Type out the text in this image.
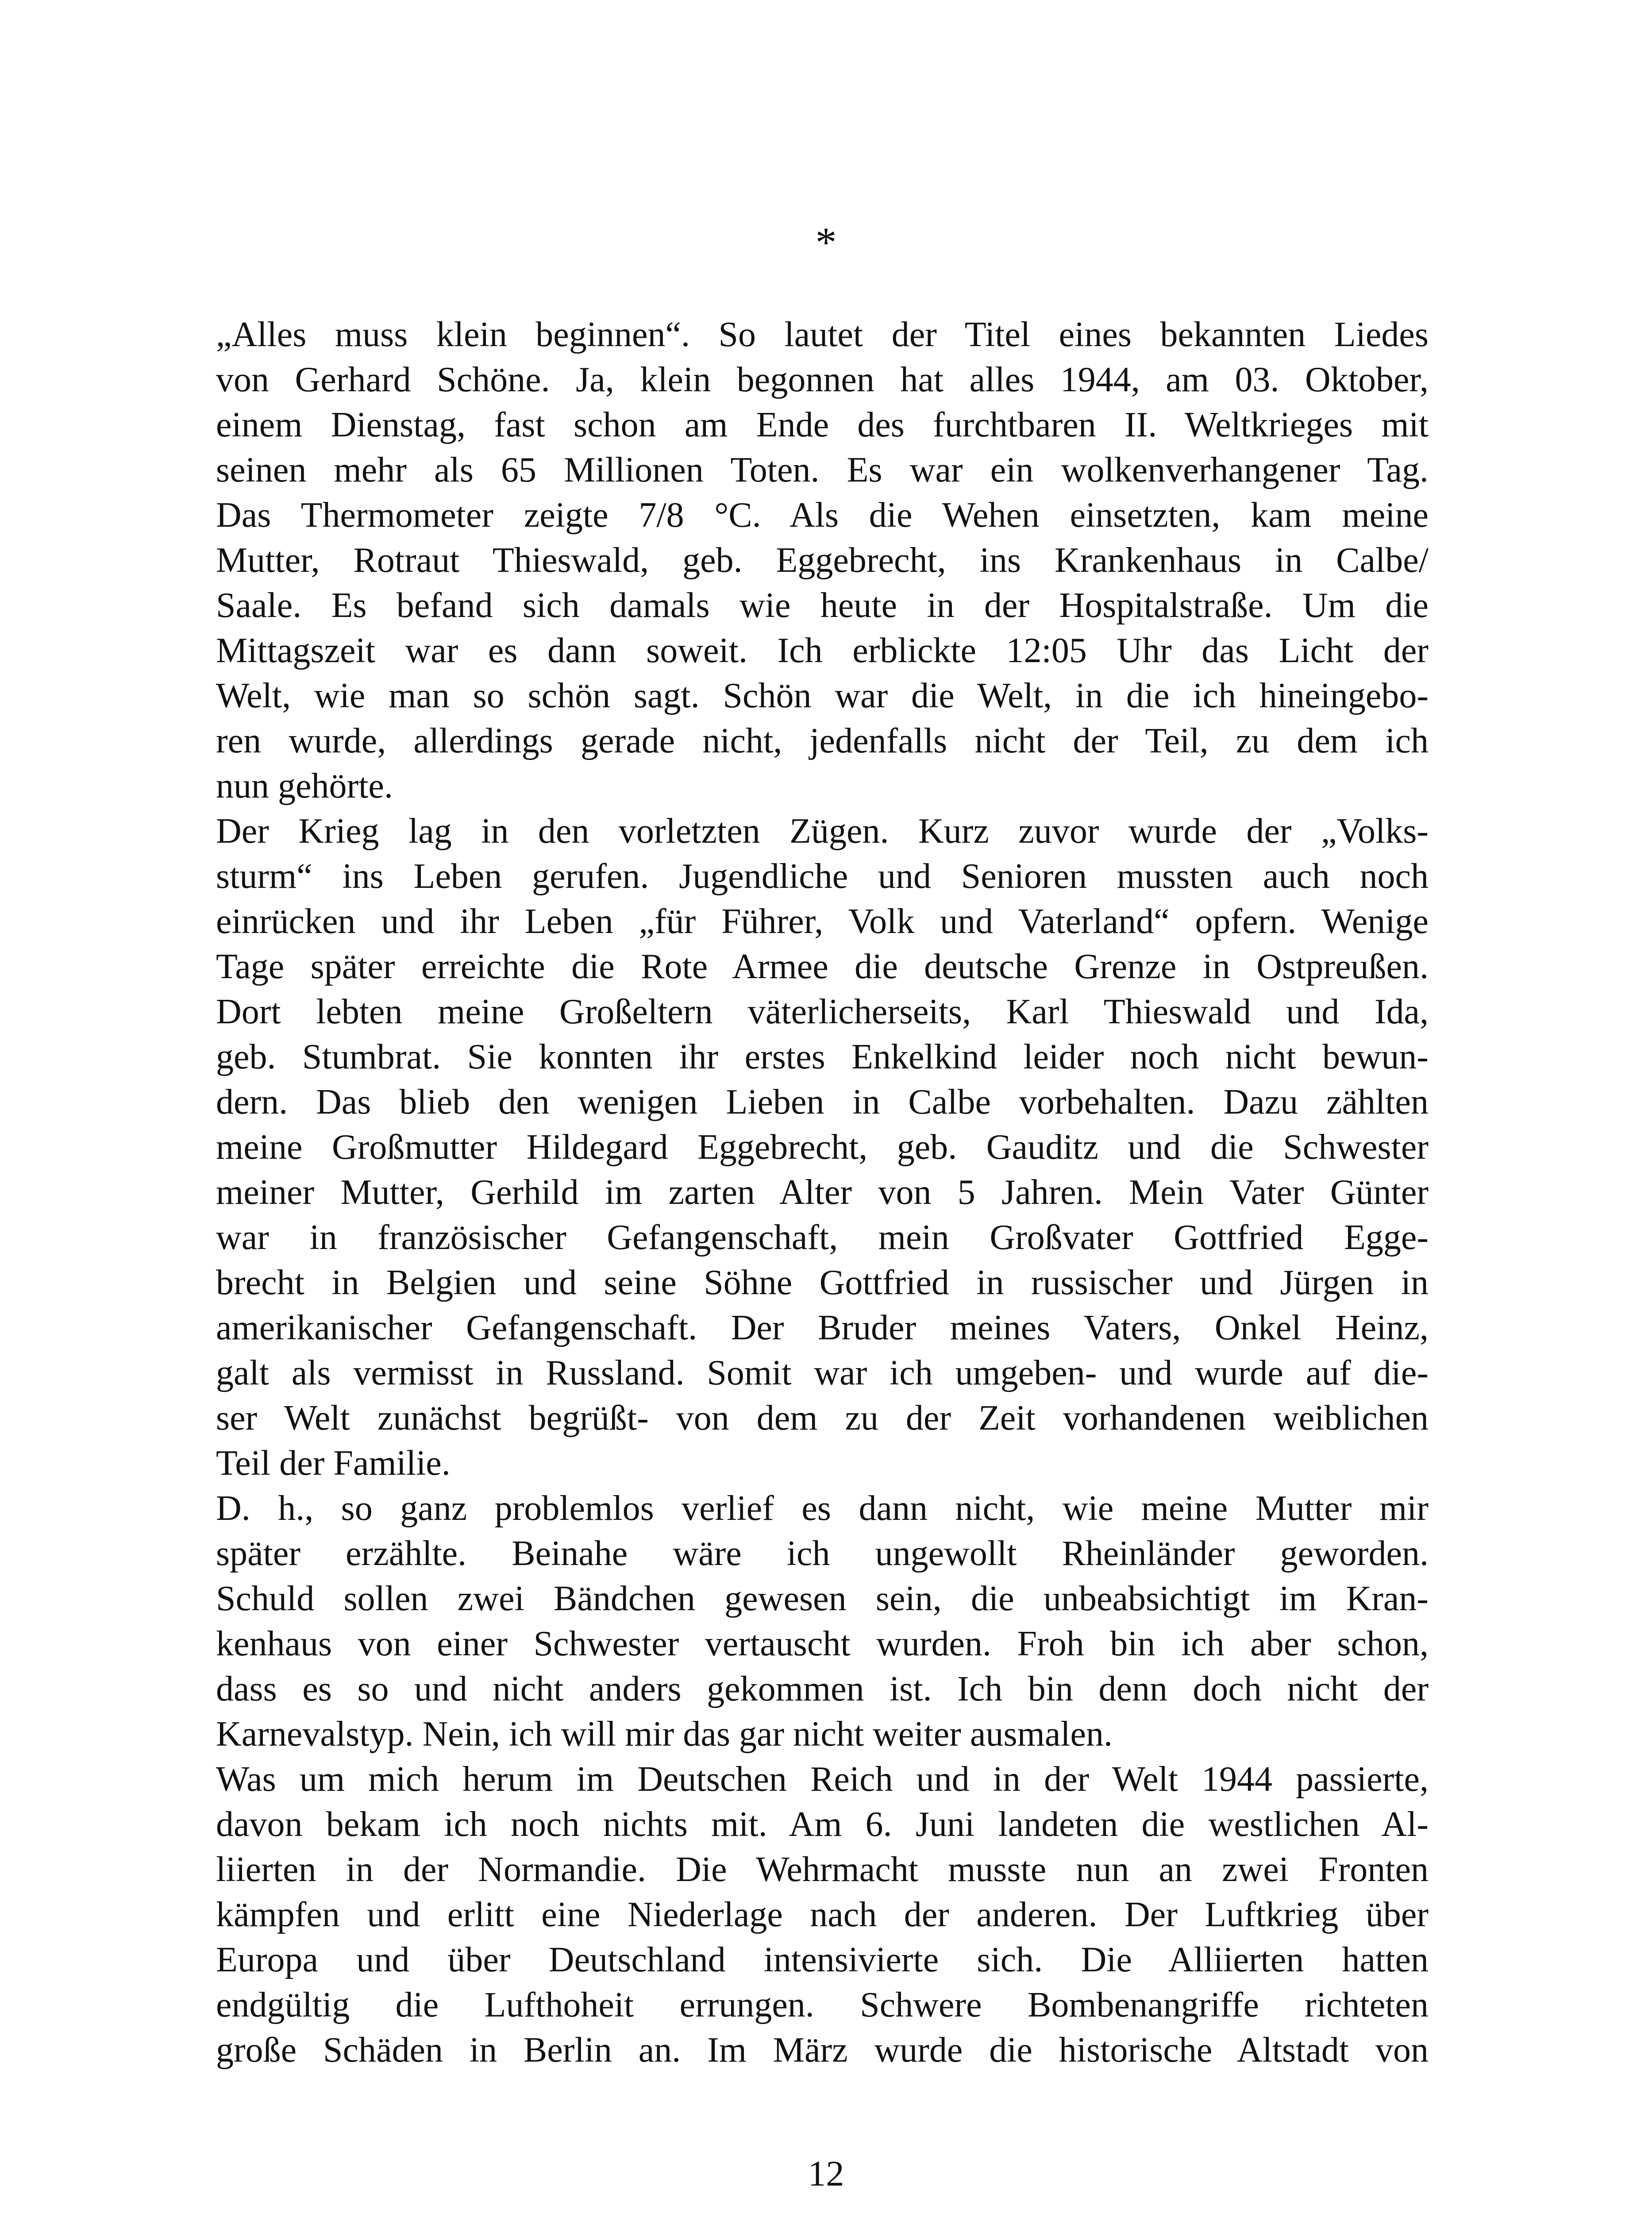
*
„Alles muss klein beginnen“. So lautet der Titel eines bekannten Liedes
von Gerhard Schöne. Ja, klein begonnen hat alles 1944, am 03. Oktober,
einem Dienstag, fast schon am Ende des furchtbaren II. Weltkrieges mit
seinen mehr als 65 Millionen Toten. Es war ein wolkenverhangener Tag.
Das Thermometer zeigte 7/8 °C. Als die Wehen einsetzten, kam meine
Mutter, Rotraut Thieswald, geb. Eggebrecht, ins Krankenhaus in Calbe/
Saale. Es befand sich damals wie heute in der Hospitalstraße. Um die
Mittagszeit war es dann soweit. Ich erblickte 12:05 Uhr das Licht der
Welt, wie man so schön sagt. Schön war die Welt, in die ich hineingebo-
ren wurde, allerdings gerade nicht, jedenfalls nicht der Teil, zu dem ich
nun gehörte.
Der Krieg lag in den vorletzten Zügen. Kurz zuvor wurde der „Volks-
sturm“ ins Leben gerufen. Jugendliche und Senioren mussten auch noch
einrücken und ihr Leben „für Führer, Volk und Vaterland“ opfern. Wenige
Tage später erreichte die Rote Armee die deutsche Grenze in Ostpreußen.
Dort lebten meine Großeltern väterlicherseits, Karl Thieswald und Ida,
geb. Stumbrat. Sie konnten ihr erstes Enkelkind leider noch nicht bewun-
dern. Das blieb den wenigen Lieben in Calbe vorbehalten. Dazu zählten
meine Großmutter Hildegard Eggebrecht, geb. Gauditz und die Schwester
meiner Mutter, Gerhild im zarten Alter von 5 Jahren. Mein Vater Günter
war in französischer Gefangenschaft, mein Großvater Gottfried Egge-
brecht in Belgien und seine Söhne Gottfried in russischer und Jürgen in
amerikanischer Gefangenschaft. Der Bruder meines Vaters, Onkel Heinz,
galt als vermisst in Russland. Somit war ich umgeben- und wurde auf die-
ser Welt zunächst begrüßt- von dem zu der Zeit vorhandenen weiblichen
Teil der Familie.
D. h., so ganz problemlos verlief es dann nicht, wie meine Mutter mir
später erzählte. Beinahe wäre ich ungewollt Rheinländer geworden.
Schuld sollen zwei Bändchen gewesen sein, die unbeabsichtigt im Kran-
kenhaus von einer Schwester vertauscht wurden. Froh bin ich aber schon,
dass es so und nicht anders gekommen ist. Ich bin denn doch nicht der
Karnevalstyp. Nein, ich will mir das gar nicht weiter ausmalen.
Was um mich herum im Deutschen Reich und in der Welt 1944 passierte,
davon bekam ich noch nichts mit. Am 6. Juni landeten die westlichen Al-
liierten in der Normandie. Die Wehrmacht musste nun an zwei Fronten
kämpfen und erlitt eine Niederlage nach der anderen. Der Luftkrieg über
Europa und über Deutschland intensivierte sich. Die Alliierten hatten
endgültig die Lufthoheit errungen. Schwere Bombenangriffe richteten
große Schäden in Berlin an. Im März wurde die historische Altstadt von
12
